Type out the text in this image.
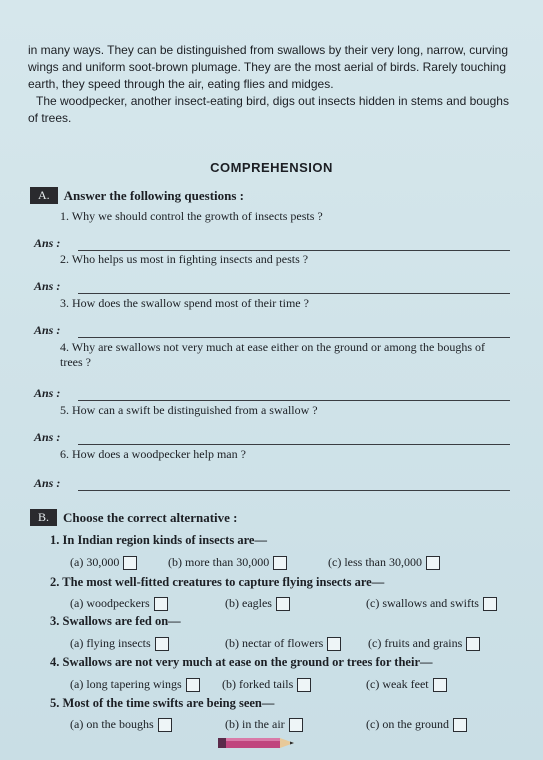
in many ways. They can be distinguished from swallows by their very long, narrow, curving wings and uniform soot-brown plumage. They are the most aerial of birds. Rarely touching earth, they speed through the air, eating flies and midges.

The woodpecker, another insect-eating bird, digs out insects hidden in stems and boughs of trees.

COMPREHENSION
A.	Answer the following questions :
1. Why we should control the growth of insects pests ?
Ans :
2. Who helps us most in fighting insects and pests ?
Ans :
3. How does the swallow spend most of their time ?
Ans :
4. Why are swallows not very much at ease either on the ground or among the boughs of trees ?
Ans :
5. How can a swift be distinguished from a swallow ?
Ans :
6. How does a woodpecker help man ?
Ans :
B.	Choose the correct alternative :
1. In Indian region kinds of insects are—
(a) 30,000	(b) more than 30,000	(c) less than 30,000
2. The most well-fitted creatures to capture flying insects are—
(a) woodpeckers	(b) eagles	(c) swallows and swifts
3. Swallows are fed on—
(a) flying insects	(b) nectar of flowers	(c) fruits and grains
4. Swallows are not very much at ease on the ground or trees for their—
(a) long tapering wings	(b) forked tails	(c) weak feet
5. Most of the time swifts are being seen—
(a) on the boughs	(b) in the air	(c) on the ground
